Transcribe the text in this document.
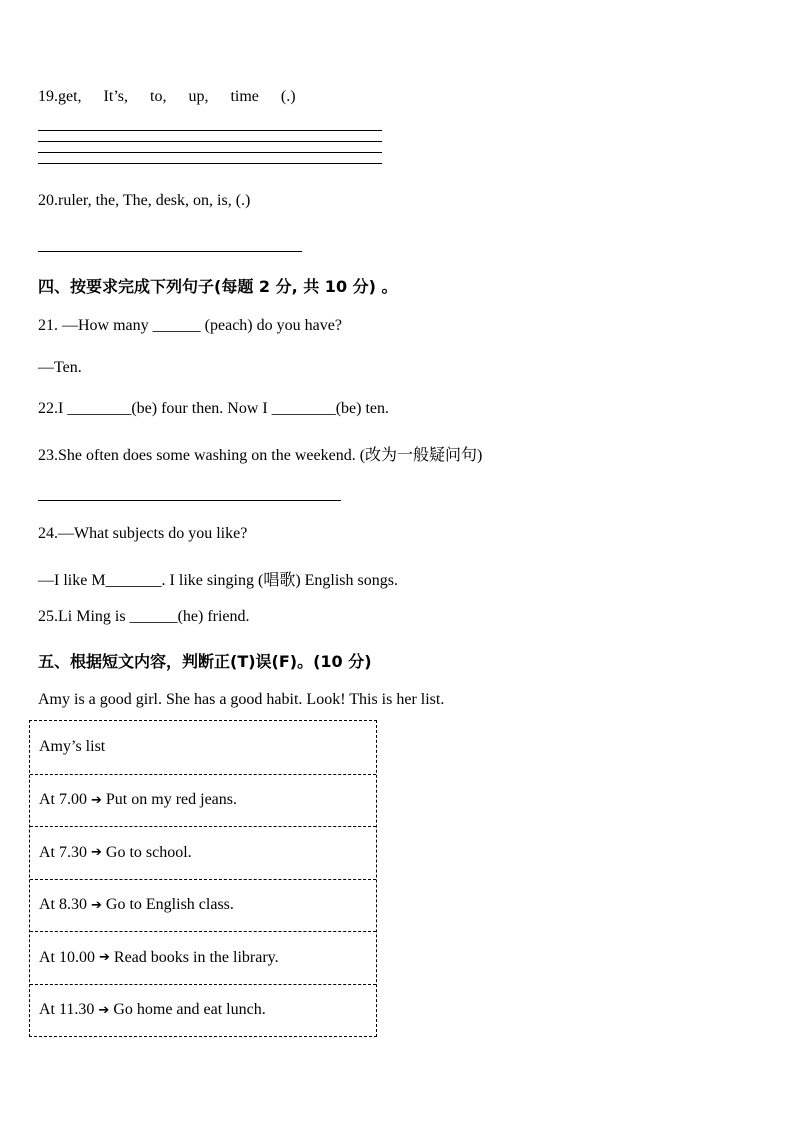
19.get, It’s, to, up, time (.)
20.ruler, the, The, desk, on, is, (.)
四、按要求完成下列句子(每题 2 分, 共 10 分) 。
21. —How many ______ (peach) do you have?
—Ten.
22.I ________(be) four then. Now I ________(be) ten.
23.She often does some washing on the weekend. (改为一般疑问句)
24.—What subjects do you like?
—I like M_______. I like singing (唱歌) English songs.
25.Li Ming is ______(he) friend.
五、根据短文内容，判断正(T)误(F)。(10 分)
Amy is a good girl. She has a good habit. Look! This is her list.
Amy’s list
At 7.00 ➔ Put on my red jeans.
At 7.30 ➔ Go to school.
At 8.30 ➔ Go to English class.
At 10.00 ➔ Read books in the library.
At 11.30 ➔ Go home and eat lunch.
